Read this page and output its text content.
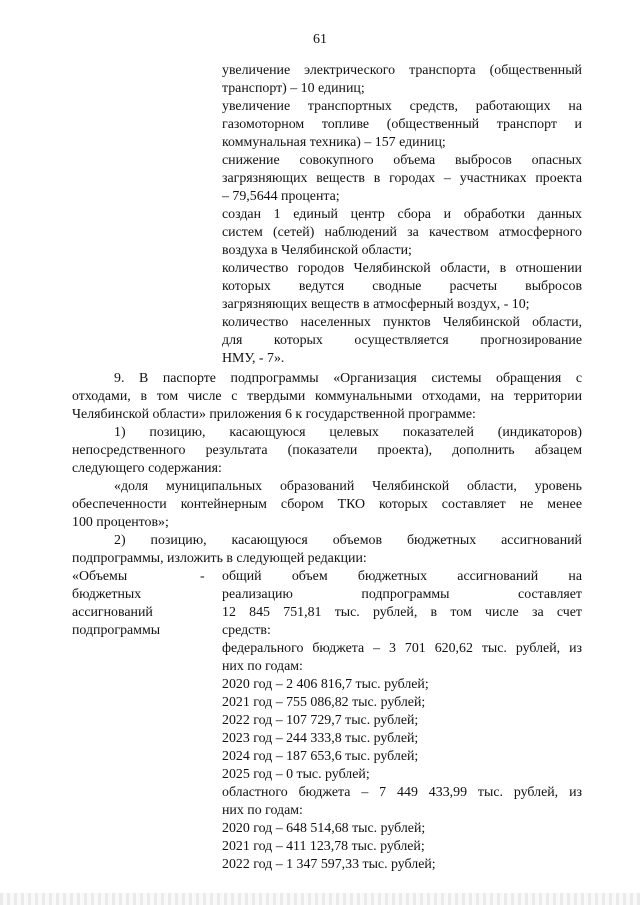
61
увеличение электрического транспорта (общественный
транспорт) – 10 единиц;
увеличение транспортных средств, работающих на
газомоторном топливе (общественный транспорт и
коммунальная техника) – 157 единиц;
снижение совокупного объема выбросов опасных
загрязняющих веществ в городах – участниках проекта
– 79,5644 процента;
создан 1 единый центр сбора и обработки данных
систем (сетей) наблюдений за качеством атмосферного
воздуха в Челябинской области;
количество городов Челябинской области, в отношении
которых ведутся сводные расчеты выбросов
загрязняющих веществ в атмосферный воздух, - 10;
количество населенных пунктов Челябинской области,
для которых осуществляется прогнозирование
НМУ, - 7».
9. В паспорте подпрограммы «Организация системы обращения с
отходами, в том числе с твердыми коммунальными отходами, на территории
Челябинской области» приложения 6 к государственной программе:
1) позицию, касающуюся целевых показателей (индикаторов)
непосредственного результата (показатели проекта), дополнить абзацем
следующего содержания:
«доля муниципальных образований Челябинской области, уровень
обеспеченности контейнерным сбором ТКО которых составляет не менее
100 процентов»;
2) позицию, касающуюся объемов бюджетных ассигнований
подпрограммы, изложить в следующей редакции:
«Объемы
бюджетных
ассигнований
подпрограммы
- общий объем бюджетных ассигнований на
реализацию подпрограммы составляет
12 845 751,81 тыс. рублей, в том числе за счет
средств:
федерального бюджета – 3 701 620,62 тыс. рублей, из
них по годам:
2020 год – 2 406 816,7 тыс. рублей;
2021 год – 755 086,82 тыс. рублей;
2022 год – 107 729,7 тыс. рублей;
2023 год – 244 333,8 тыс. рублей;
2024 год – 187 653,6 тыс. рублей;
2025 год – 0 тыс. рублей;
областного бюджета – 7 449 433,99 тыс. рублей, из
них по годам:
2020 год – 648 514,68 тыс. рублей;
2021 год – 411 123,78 тыс. рублей;
2022 год – 1 347 597,33 тыс. рублей;
